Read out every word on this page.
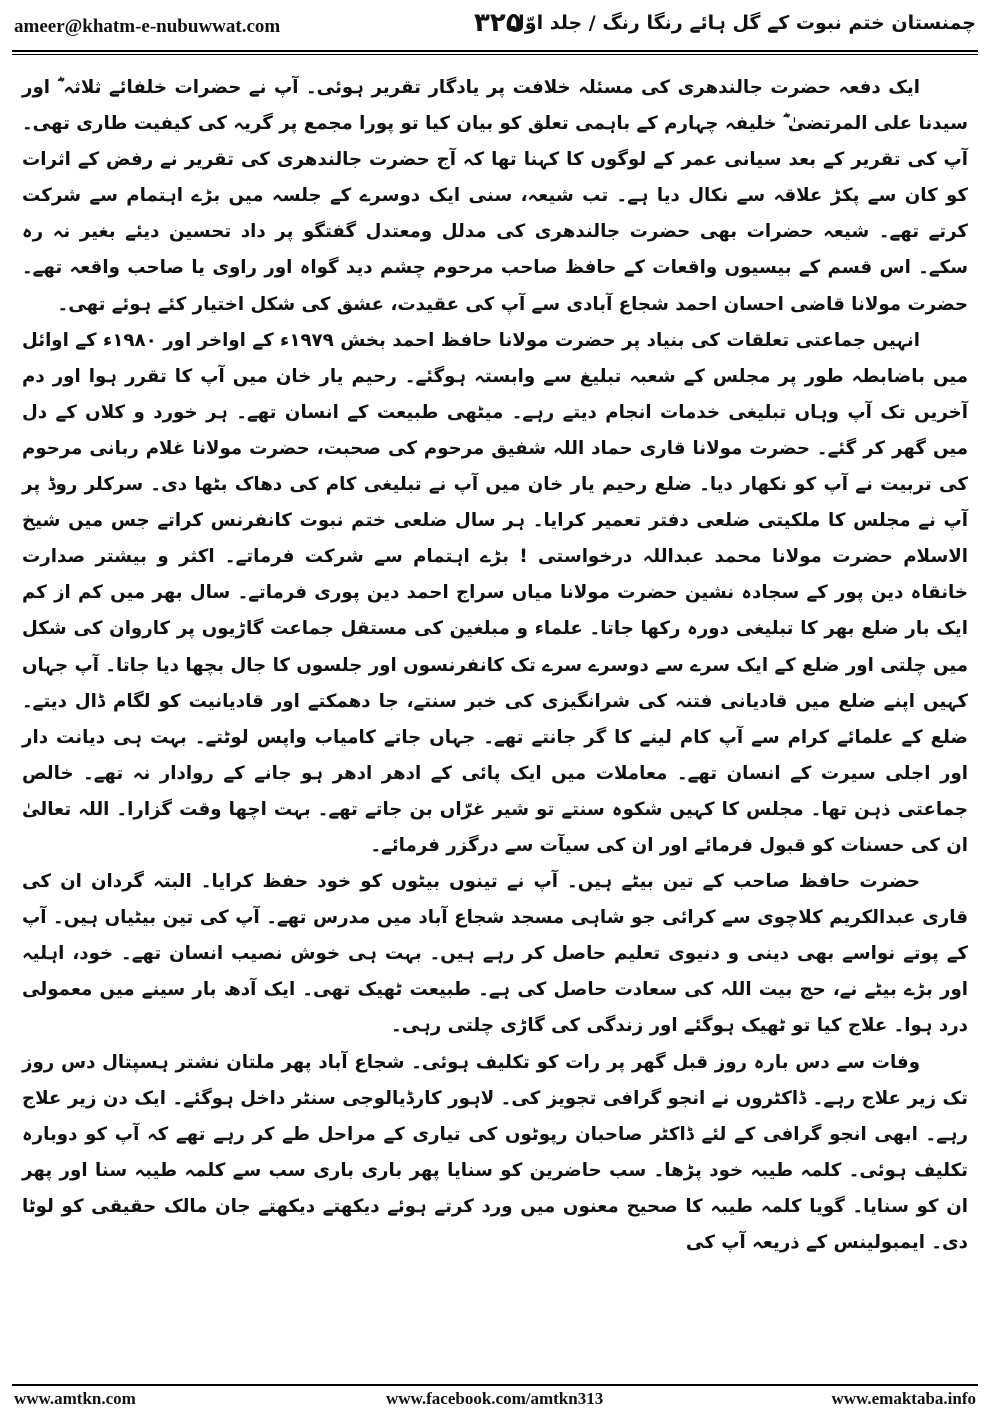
ameer@khatm-e-nubuwwat.com	۳۲۵
چمنستان ختم نبوت کے گل ہائے رنگا رنگ / جلد اوّل

ایک دفعہ حضرت جالندھری کی مسئلہ خلافت پر یادگار تقریر ہوئی۔ آپ نے حضرات خلفائے ثلاثہ ؓ اور سیدنا علی المرتضیٰ ؓ خلیفہ چہارم کے باہمی تعلق کو بیان کیا تو پورا مجمع پر گریہ کی کیفیت طاری تھی۔ آپ کی تقریر کے بعد سیانی عمر کے لوگوں کا کہنا تھا کہ آج حضرت جالندھری کی تقریر نے رفض کے اثرات کو کان سے پکڑ علاقہ سے نکال دیا ہے۔ تب شیعہ، سنی ایک دوسرے کے جلسہ میں بڑے اہتمام سے شرکت کرتے تھے۔ شیعہ حضرات بھی حضرت جالندھری کی مدلل ومعتدل گفتگو پر داد تحسین دیئے بغیر نہ رہ سکے۔ اس قسم کے بیسیوں واقعات کے حافظ صاحب مرحوم چشم دید گواہ اور راوی یا صاحب واقعہ تھے۔ حضرت مولانا قاضی احسان احمد شجاع آبادی سے آپ کی عقیدت، عشق کی شکل اختیار کئے ہوئے تھی۔

انہیں جماعتی تعلقات کی بنیاد پر حضرت مولانا حافظ احمد بخش ۱۹۷۹ء کے اواخر اور ۱۹۸۰ء کے اوائل میں باضابطہ طور پر مجلس کے شعبہ تبلیغ سے وابستہ ہوگئے۔ رحیم یار خان میں آپ کا تقرر ہوا اور دم آخریں تک آپ وہاں تبلیغی خدمات انجام دیتے رہے۔ میٹھی طبیعت کے انسان تھے۔ ہر خورد و کلاں کے دل میں گھر کر گئے۔ حضرت مولانا قاری حماد اللہ شفیق مرحوم کی صحبت، حضرت مولانا غلام ربانی مرحوم کی تربیت نے آپ کو نکھار دیا۔ ضلع رحیم یار خان میں آپ نے تبلیغی کام کی دھاک بٹھا دی۔ سرکلر روڈ پر آپ نے مجلس کا ملکیتی ضلعی دفتر تعمیر کرایا۔ ہر سال ضلعی ختم نبوت کانفرنس کراتے جس میں شیخ الاسلام حضرت مولانا محمد عبداللہ درخواستی ! بڑے اہتمام سے شرکت فرماتے۔ اکثر و بیشتر صدارت خانقاہ دین پور کے سجادہ نشین حضرت مولانا میاں سراج احمد دین پوری فرماتے۔ سال بھر میں کم از کم ایک بار ضلع بھر کا تبلیغی دورہ رکھا جاتا۔ علماء و مبلغین کی مستقل جماعت گاڑیوں پر کاروان کی شکل میں چلتی اور ضلع کے ایک سرے سے دوسرے سرے تک کانفرنسوں اور جلسوں کا جال بچھا دیا جاتا۔ آپ جہاں کہیں اپنے ضلع میں قادیانی فتنہ کی شرانگیزی کی خبر سنتے، جا دھمکتے اور قادیانیت کو لگام ڈال دیتے۔ ضلع کے علمائے کرام سے آپ کام لینے کا گر جانتے تھے۔ جہاں جاتے کامیاب واپس لوٹتے۔ بہت ہی دیانت دار اور اجلی سیرت کے انسان تھے۔ معاملات میں ایک پائی کے ادھر ادھر ہو جانے کے روادار نہ تھے۔ خالص جماعتی ذہن تھا۔ مجلس کا کہیں شکوہ سنتے تو شیر غرّاں بن جاتے تھے۔ بہت اچھا وقت گزارا۔ اللہ تعالیٰ ان کی حسنات کو قبول فرمائے اور ان کی سیآت سے درگزر فرمائے۔

حضرت حافظ صاحب کے تین بیٹے ہیں۔ آپ نے تینوں بیٹوں کو خود حفظ کرایا۔ البتہ گردان ان کی قاری عبدالکریم کلاچوی سے کرائی جو شاہی مسجد شجاع آباد میں مدرس تھے۔ آپ کی تین بیٹیاں ہیں۔ آپ کے پوتے نواسے بھی دینی و دنیوی تعلیم حاصل کر رہے ہیں۔ بہت ہی خوش نصیب انسان تھے۔ خود، اہلیہ اور بڑے بیٹے نے، حج بیت اللہ کی سعادت حاصل کی ہے۔ طبیعت ٹھیک تھی۔ ایک آدھ بار سینے میں معمولی درد ہوا۔ علاج کیا تو ٹھیک ہوگئے اور زندگی کی گاڑی چلتی رہی۔

وفات سے دس بارہ روز قبل گھر پر رات کو تکلیف ہوئی۔ شجاع آباد پھر ملتان نشتر ہسپتال دس روز تک زیر علاج رہے۔ ڈاکٹروں نے انجو گرافی تجویز کی۔ لاہور کارڈیالوجی سنٹر داخل ہوگئے۔ ایک دن زیر علاج رہے۔ ابھی انجو گرافی کے لئے ڈاکٹر صاحبان رپوٹوں کی تیاری کے مراحل طے کر رہے تھے کہ آپ کو دوبارہ تکلیف ہوئی۔ کلمہ طیبہ خود پڑھا۔ سب حاضرین کو سنایا پھر باری باری سب سے کلمہ طیبہ سنا اور پھر ان کو سنایا۔ گویا کلمہ طیبہ کا صحیح معنوں میں ورد کرتے ہوئے دیکھتے دیکھتے جان مالک حقیقی کو لوٹا دی۔ ایمبولینس کے ذریعہ آپ کی

www.amtkn.com	www.facebook.com/amtkn313	www.emaktaba.info
